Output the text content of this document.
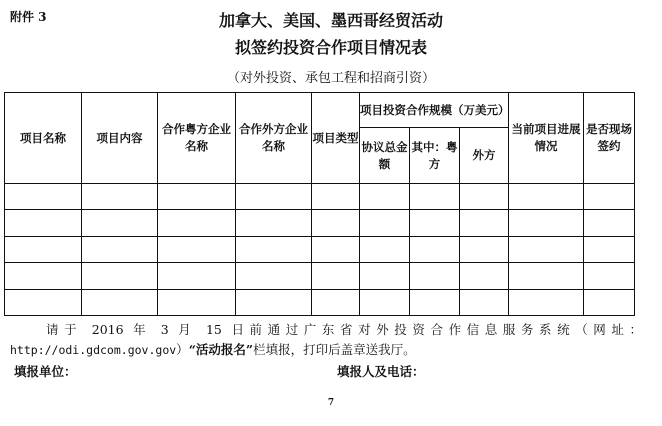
附件 3	加拿大、美国、墨西哥经贸活动
拟签约投资合作项目情况表
（对外投资、承包工程和招商引资）
项目名称	项目内容	合作粤方企业名称	合作外方企业名称	项目类型	项目投资合作规模（万美元）			当前项目进展情况	是否现场签约
					协议总金额	其中：粤方	外方		

请于 2016 年 3 月 15 日前通过广东省对外投资合作信息服务系统（网址：http://odi.gdcom.gov.gov）“活动报名”栏填报，打印后盖章送我厅。
填报单位：	填报人及电话：
7
